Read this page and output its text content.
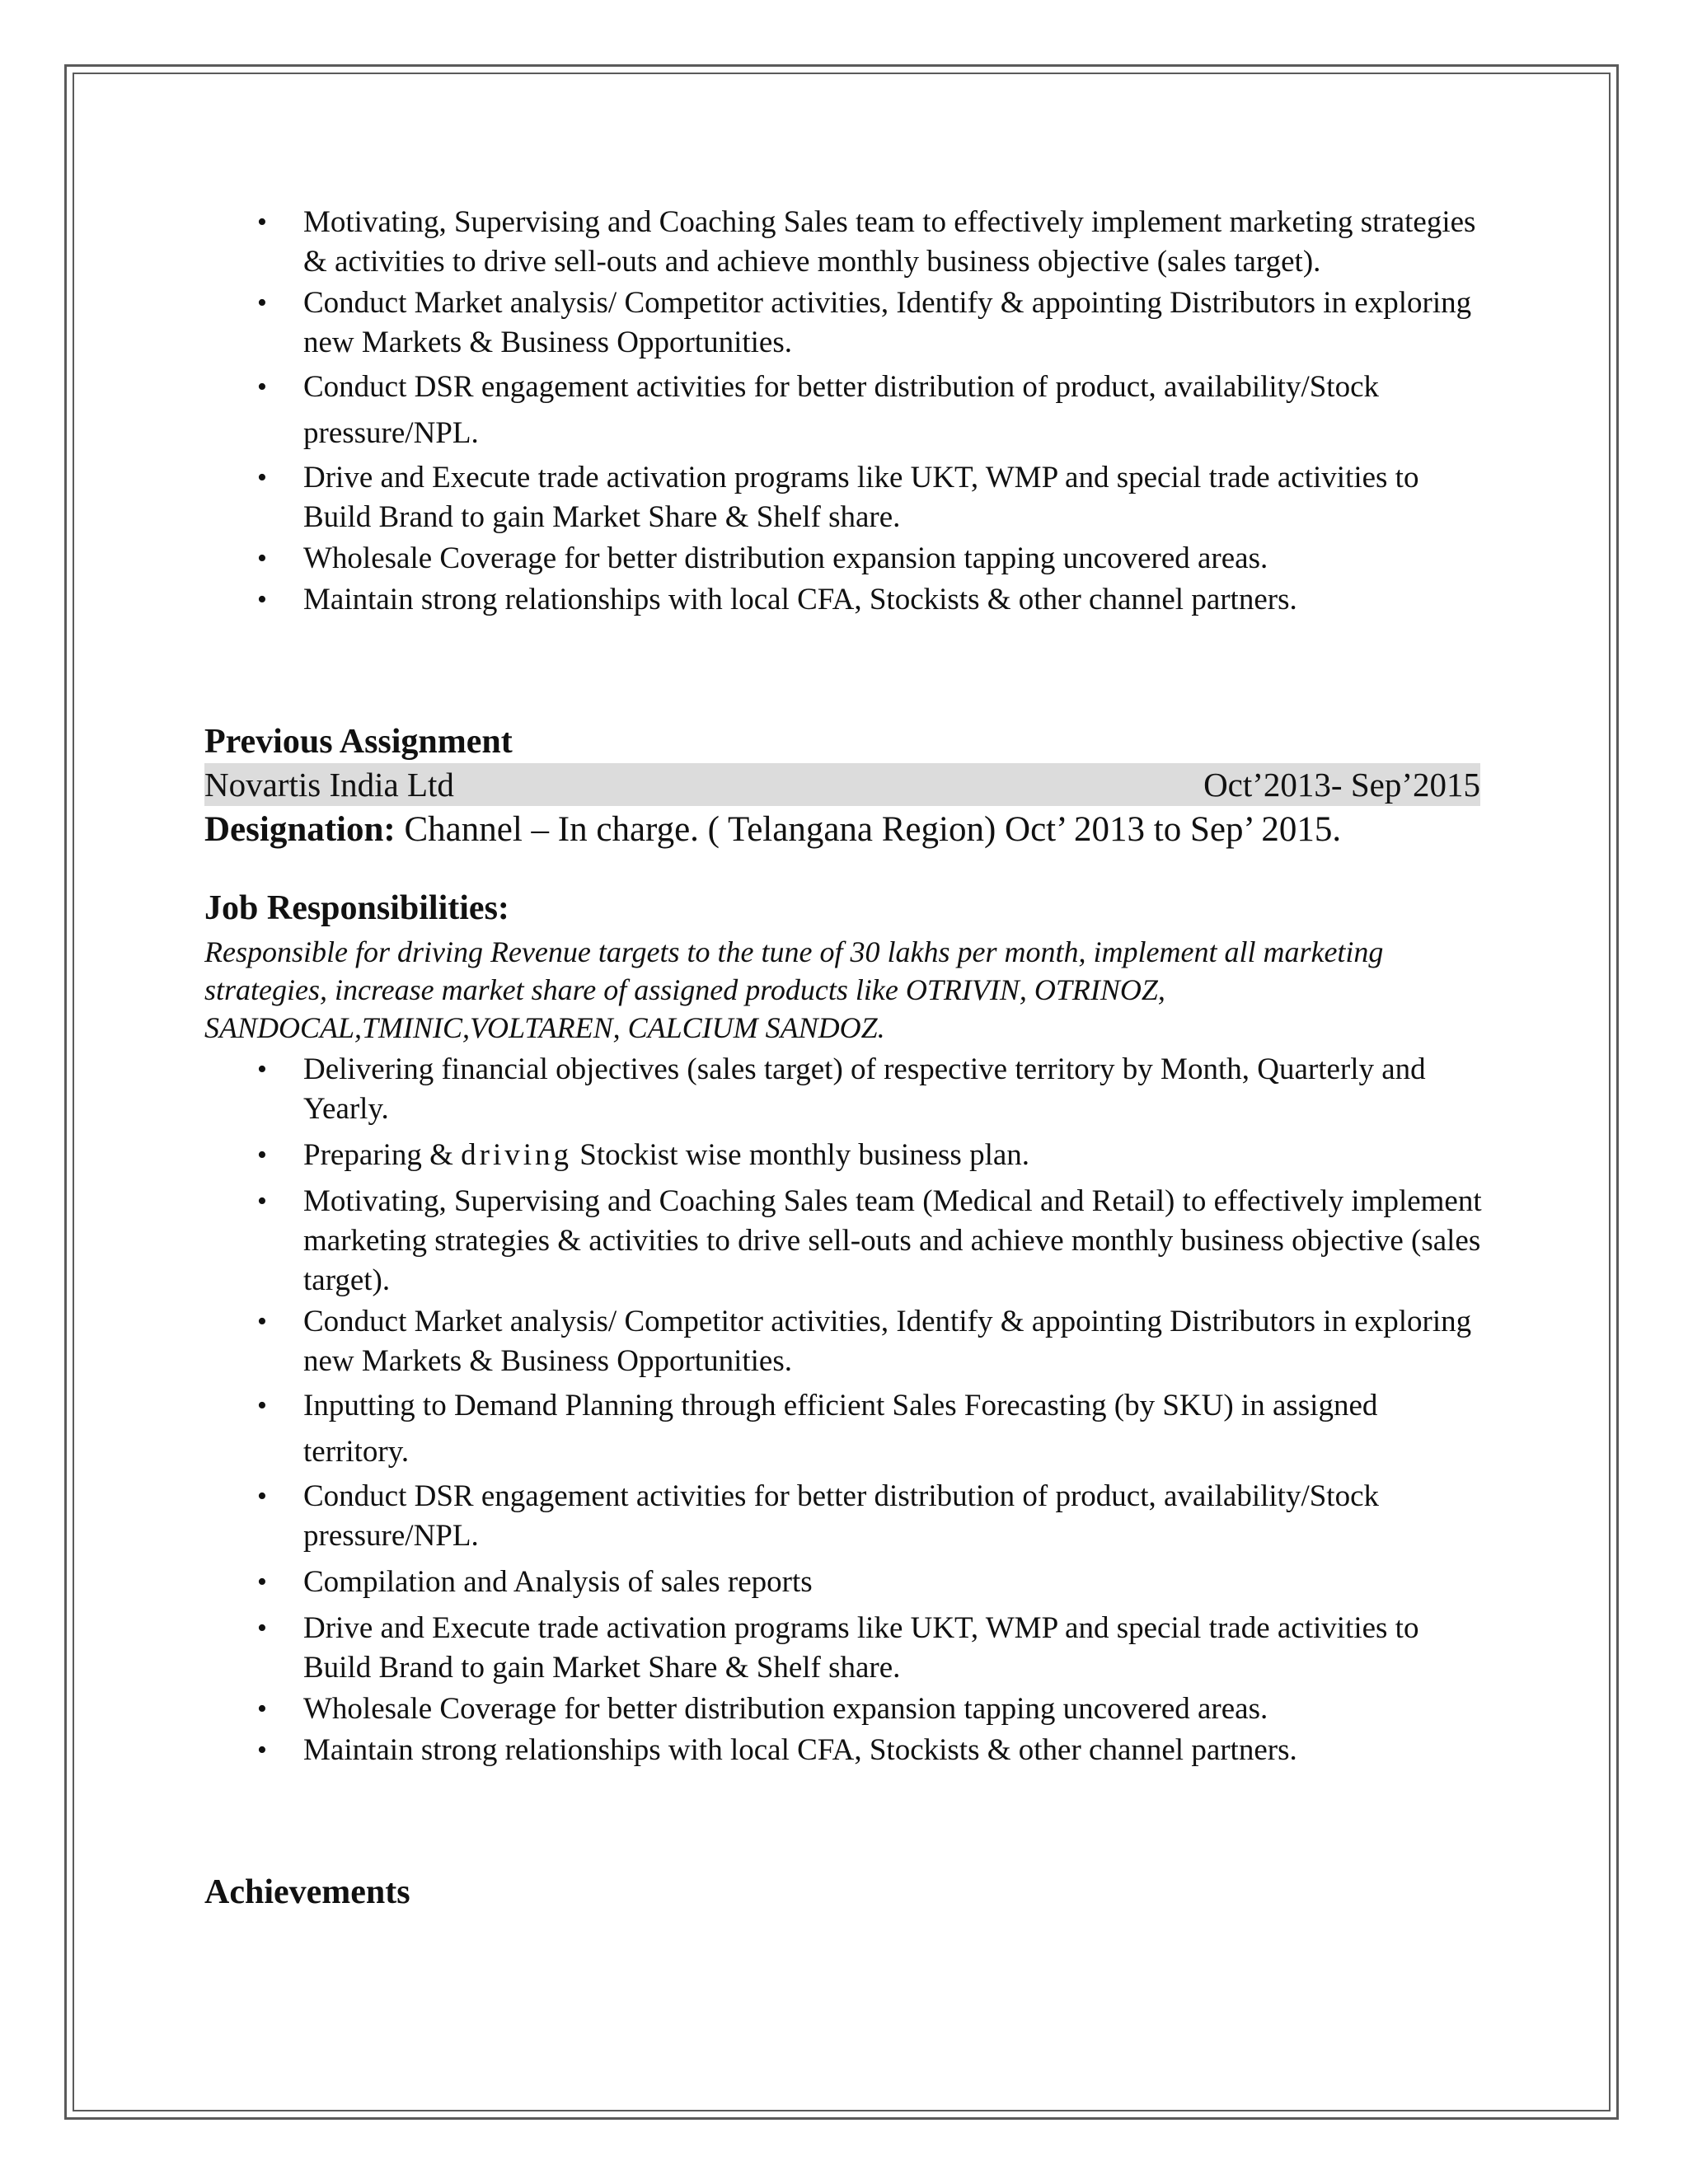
• Motivating, Supervising and Coaching Sales team to effectively implement marketing strategies & activities to drive sell-outs and achieve monthly business objective (sales target).
• Conduct Market analysis/ Competitor activities, Identify & appointing Distributors in exploring new Markets & Business Opportunities.
• Conduct DSR engagement activities for better distribution of product, availability/Stock pressure/NPL.
• Drive and Execute trade activation programs like UKT, WMP and special trade activities to Build Brand to gain Market Share & Shelf share.
• Wholesale Coverage for better distribution expansion tapping uncovered areas.
• Maintain strong relationships with local CFA, Stockists & other channel partners.
Previous Assignment
Novartis India Ltd	Oct’2013- Sep’2015
Designation: Channel – In charge. ( Telangana Region) Oct’ 2013 to Sep’ 2015.
Job Responsibilities:

Responsible for driving Revenue targets to the tune of 30 lakhs per month, implement all marketing strategies, increase market share of assigned products like OTRIVIN, OTRINOZ, SANDOCAL,TMINIC,VOLTAREN, CALCIUM SANDOZ.

• Delivering financial objectives (sales target) of respective territory by Month, Quarterly and Yearly.
• Preparing & driving Stockist wise monthly business plan.
• Motivating, Supervising and Coaching Sales team (Medical and Retail) to effectively implement marketing strategies & activities to drive sell-outs and achieve monthly business objective (sales target).
• Conduct Market analysis/ Competitor activities, Identify & appointing Distributors in exploring new Markets & Business Opportunities.
• Inputting to Demand Planning through efficient Sales Forecasting (by SKU) in assigned territory.
• Conduct DSR engagement activities for better distribution of product, availability/Stock pressure/NPL.
• Compilation and Analysis of sales reports
• Drive and Execute trade activation programs like UKT, WMP and special trade activities to Build Brand to gain Market Share & Shelf share.
• Wholesale Coverage for better distribution expansion tapping uncovered areas.
• Maintain strong relationships with local CFA, Stockists & other channel partners.
Achievements
